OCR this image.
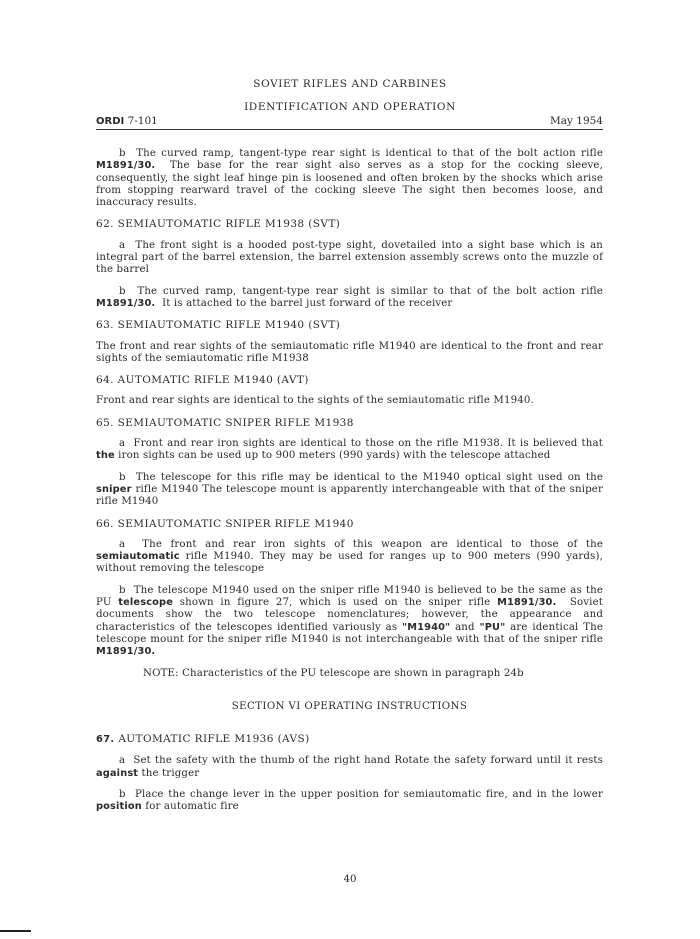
SOVIET RIFLES AND CARBINES
IDENTIFICATION AND OPERATION
ORDI 7-101	May 1954

b The curved ramp, tangent-type rear sight is identical to that of the bolt action rifle M1891/30. The base for the rear sight also serves as a stop for the cocking sleeve, consequently, the sight leaf hinge pin is loosened and often broken by the shocks which arise from stopping rearward travel of the cocking sleeve The sight then becomes loose, and inaccuracy results.

62. SEMIAUTOMATIC RIFLE M1938 (SVT)

a The front sight is a hooded post-type sight, dovetailed into a sight base which is an integral part of the barrel extension, the barrel extension assembly screws onto the muzzle of the barrel

b The curved ramp, tangent-type rear sight is similar to that of the bolt action rifle M1891/30. It is attached to the barrel just forward of the receiver

63. SEMIAUTOMATIC RIFLE M1940 (SVT)

The front and rear sights of the semiautomatic rifle M1940 are identical to the front and rear sights of the semiautomatic rifle M1938

64. AUTOMATIC RIFLE M1940 (AVT)

Front and rear sights are identical to the sights of the semiautomatic rifle M1940.

65. SEMIAUTOMATIC SNIPER RIFLE M1938

a Front and rear iron sights are identical to those on the rifle M1938. It is believed that the iron sights can be used up to 900 meters (990 yards) with the telescope attached

b The telescope for this rifle may be identical to the M1940 optical sight used on the sniper rifle M1940 The telescope mount is apparently interchangeable with that of the sniper rifle M1940

66. SEMIAUTOMATIC SNIPER RIFLE M1940

a The front and rear iron sights of this weapon are identical to those of the semiautomatic rifle M1940. They may be used for ranges up to 900 meters (990 yards), without removing the telescope

b The telescope M1940 used on the sniper rifle M1940 is believed to be the same as the PU telescope shown in figure 27, which is used on the sniper rifle M1891/30. Soviet documents show the two telescope nomenclatures; however, the appearance and characteristics of the telescopes identified variously as "M1940" and "PU" are identical The telescope mount for the sniper rifle M1940 is not interchangeable with that of the sniper rifle M1891/30.

NOTE: Characteristics of the PU telescope are shown in paragraph 24b

SECTION VI OPERATING INSTRUCTIONS

67. AUTOMATIC RIFLE M1936 (AVS)

a Set the safety with the thumb of the right hand Rotate the safety forward until it rests against the trigger

b Place the change lever in the upper position for semiautomatic fire, and in the lower position for automatic fire

40
